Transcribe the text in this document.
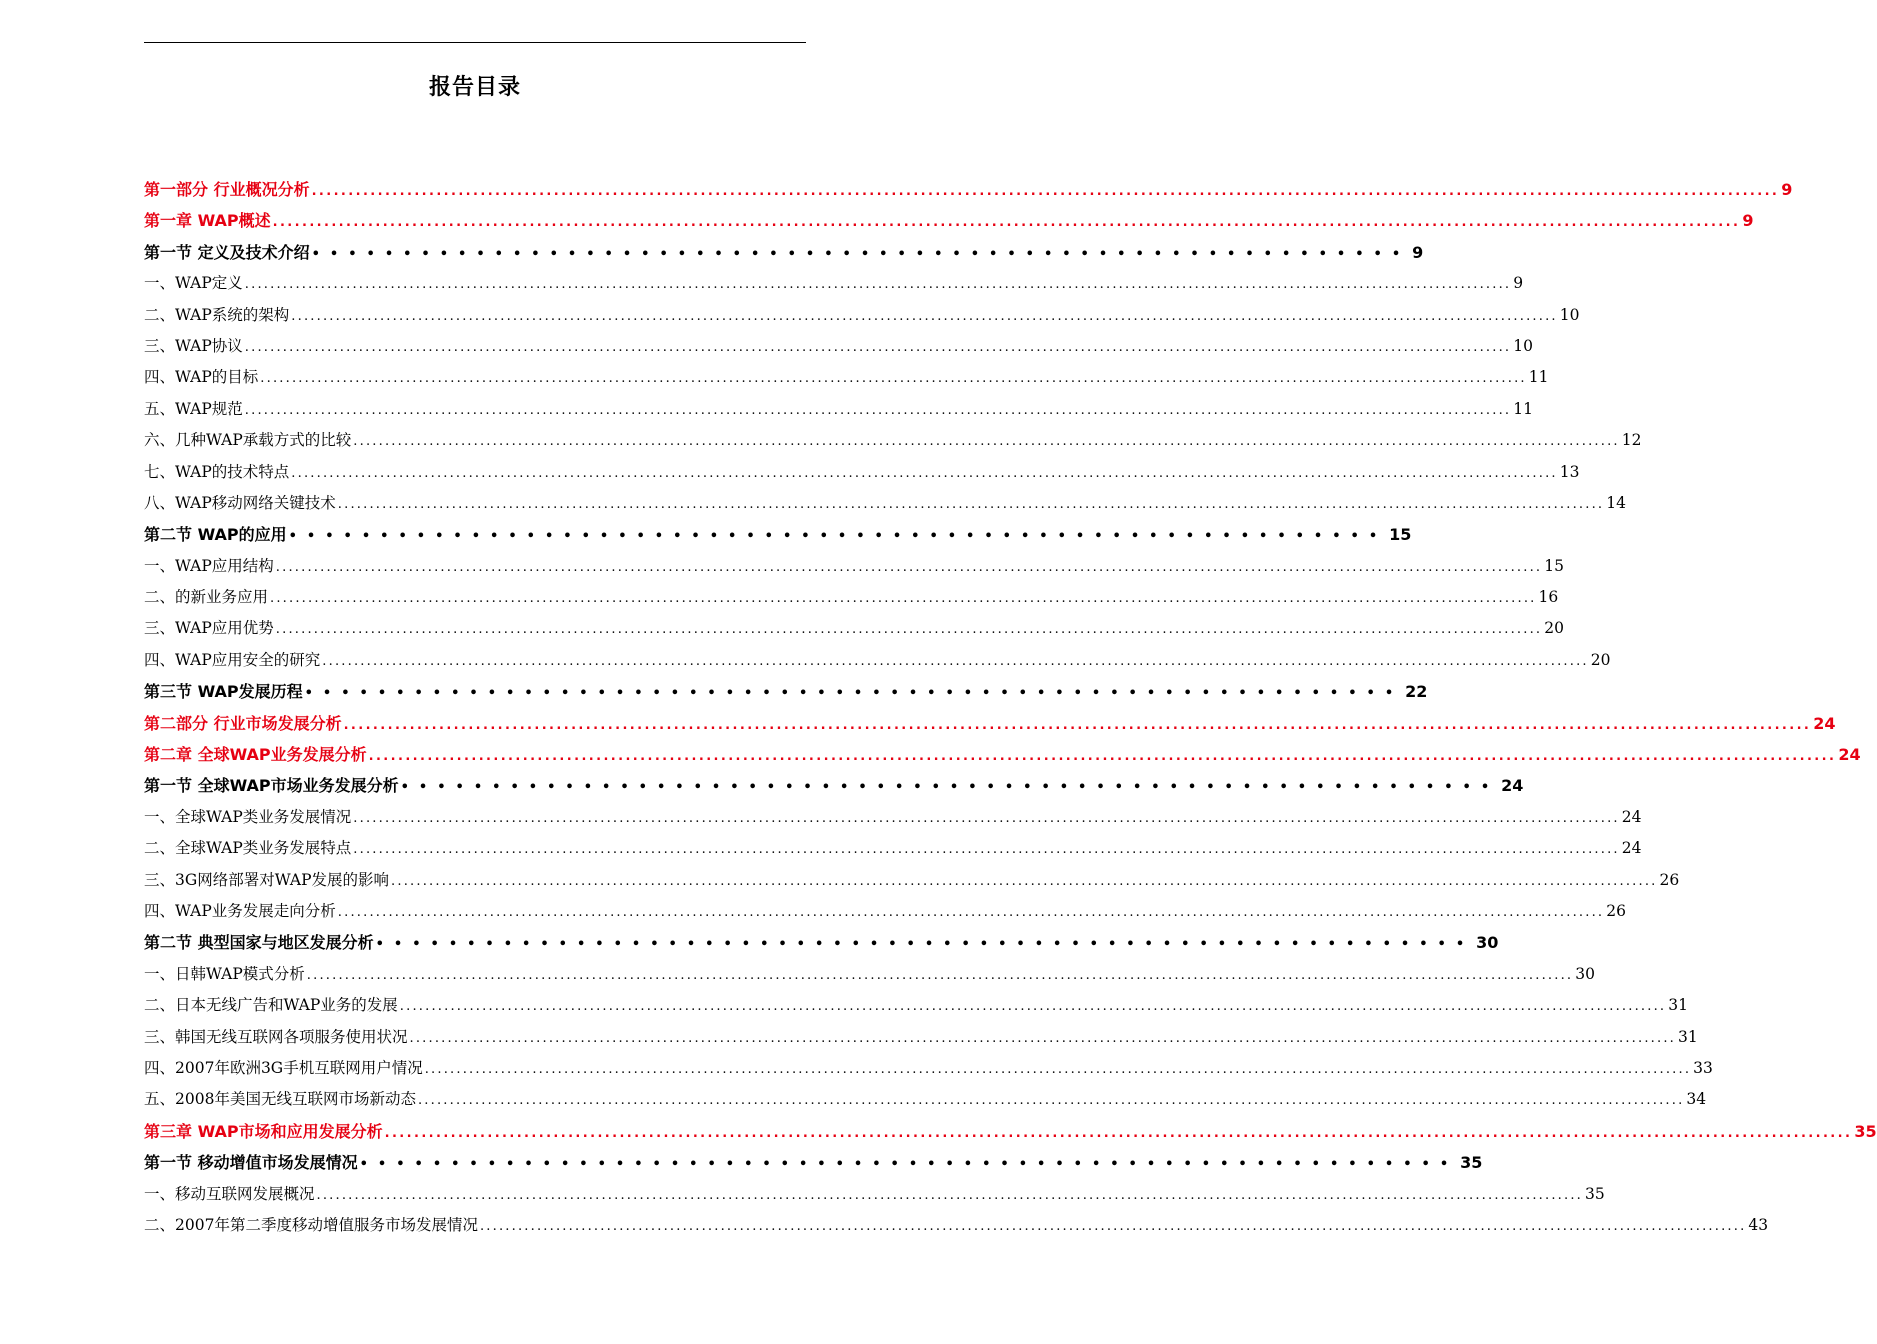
报告目录
第一部分 行业概况分析 ........................................................................................................................................................................................................ 9
第一章 WAP概述 ........................................................................................................................................................................................................ 9
第一节 定义及技术介绍 •••••••••••••••••••••••••••••••••••••••••••••••••••••••••••• 9
一、WAP定义 ........................................................................................................................................................................................................ 9
二、WAP系统的架构 ........................................................................................................................................................................................................ 10
三、WAP协议 ........................................................................................................................................................................................................ 10
四、WAP的目标 ........................................................................................................................................................................................................ 11
五、WAP规范 ........................................................................................................................................................................................................ 11
六、几种WAP承载方式的比较 ........................................................................................................................................................................................................ 12
七、WAP的技术特点 ........................................................................................................................................................................................................ 13
八、WAP移动网络关键技术 ........................................................................................................................................................................................................ 14
第二节 WAP的应用 •••••••••••••••••••••••••••••••••••••••••••••••••••••••••••• 15
一、WAP应用结构 ........................................................................................................................................................................................................ 15
二、的新业务应用 ........................................................................................................................................................................................................ 16
三、WAP应用优势 ........................................................................................................................................................................................................ 20
四、WAP应用安全的研究 ........................................................................................................................................................................................................ 20
第三节 WAP发展历程 •••••••••••••••••••••••••••••••••••••••••••••••••••••••••••• 22
第二部分 行业市场发展分析 ........................................................................................................................................................................................................ 24
第二章 全球WAP业务发展分析 ........................................................................................................................................................................................................ 24
第一节 全球WAP市场业务发展分析 •••••••••••••••••••••••••••••••••••••••••••••••••••••••••••• 24
一、全球WAP类业务发展情况 ........................................................................................................................................................................................................ 24
二、全球WAP类业务发展特点 ........................................................................................................................................................................................................ 24
三、3G网络部署对WAP发展的影响 ........................................................................................................................................................................................................ 26
四、WAP业务发展走向分析 ........................................................................................................................................................................................................ 26
第二节 典型国家与地区发展分析 •••••••••••••••••••••••••••••••••••••••••••••••••••••••••••• 30
一、日韩WAP模式分析 ........................................................................................................................................................................................................ 30
二、日本无线广告和WAP业务的发展 ........................................................................................................................................................................................................ 31
三、韩国无线互联网各项服务使用状况 ........................................................................................................................................................................................................ 31
四、2007年欧洲3G手机互联网用户情况 ........................................................................................................................................................................................................ 33
五、2008年美国无线互联网市场新动态 ........................................................................................................................................................................................................ 34
第三章 WAP市场和应用发展分析 ........................................................................................................................................................................................................ 35
第一节 移动增值市场发展情况 •••••••••••••••••••••••••••••••••••••••••••••••••••••••••••• 35
一、移动互联网发展概况 ........................................................................................................................................................................................................ 35
二、2007年第二季度移动增值服务市场发展情况 ........................................................................................................................................................................................................ 43
